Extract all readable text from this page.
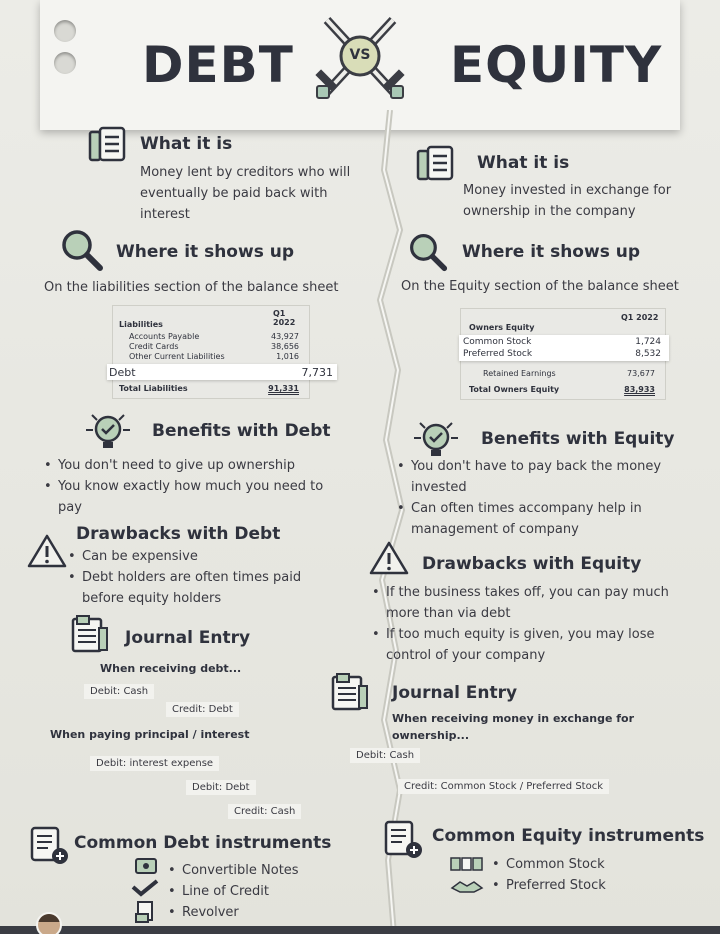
DEBT	EQUITY
VS
What it is
Money lent by creditors who will
eventually be paid back with
interest
What it is
Money invested in exchange for
ownership in the company
Where it shows up
On the liabilities section of the balance sheet
Where it shows up
On the Equity section of the balance sheet
Q1 2022
Liabilities
Accounts Payable	43,927
Credit Cards	38,656
Other Current Liabilities	1,016
Debt	7,731
Total Liabilities	91,331
Q1 2022
Owners Equity
Common Stock	1,724
Preferred Stock	8,532
Retained Earnings	73,677
Total Owners Equity	83,933
Benefits with Debt
• You don't need to give up ownership
• You know exactly how much you need to
pay
Benefits with Equity
• You don't have to pay back the money
invested
• Can often times accompany help in
management of company
Drawbacks with Debt
• Can be expensive
• Debt holders are often times paid
before equity holders
Drawbacks with Equity
• If the business takes off, you can pay much
more than via debt
• If too much equity is given, you may lose
control of your company
Journal Entry
When receiving debt...
Debit: Cash
Credit: Debt
When paying principal / interest
Debit: interest expense
Debit: Debt
Credit: Cash
Journal Entry
When receiving money in exchange for
ownership...
Debit: Cash
Credit: Common Stock / Preferred Stock
Common Debt instruments
• Convertible Notes
• Line of Credit
• Revolver
Common Equity instruments
• Common Stock
• Preferred Stock
